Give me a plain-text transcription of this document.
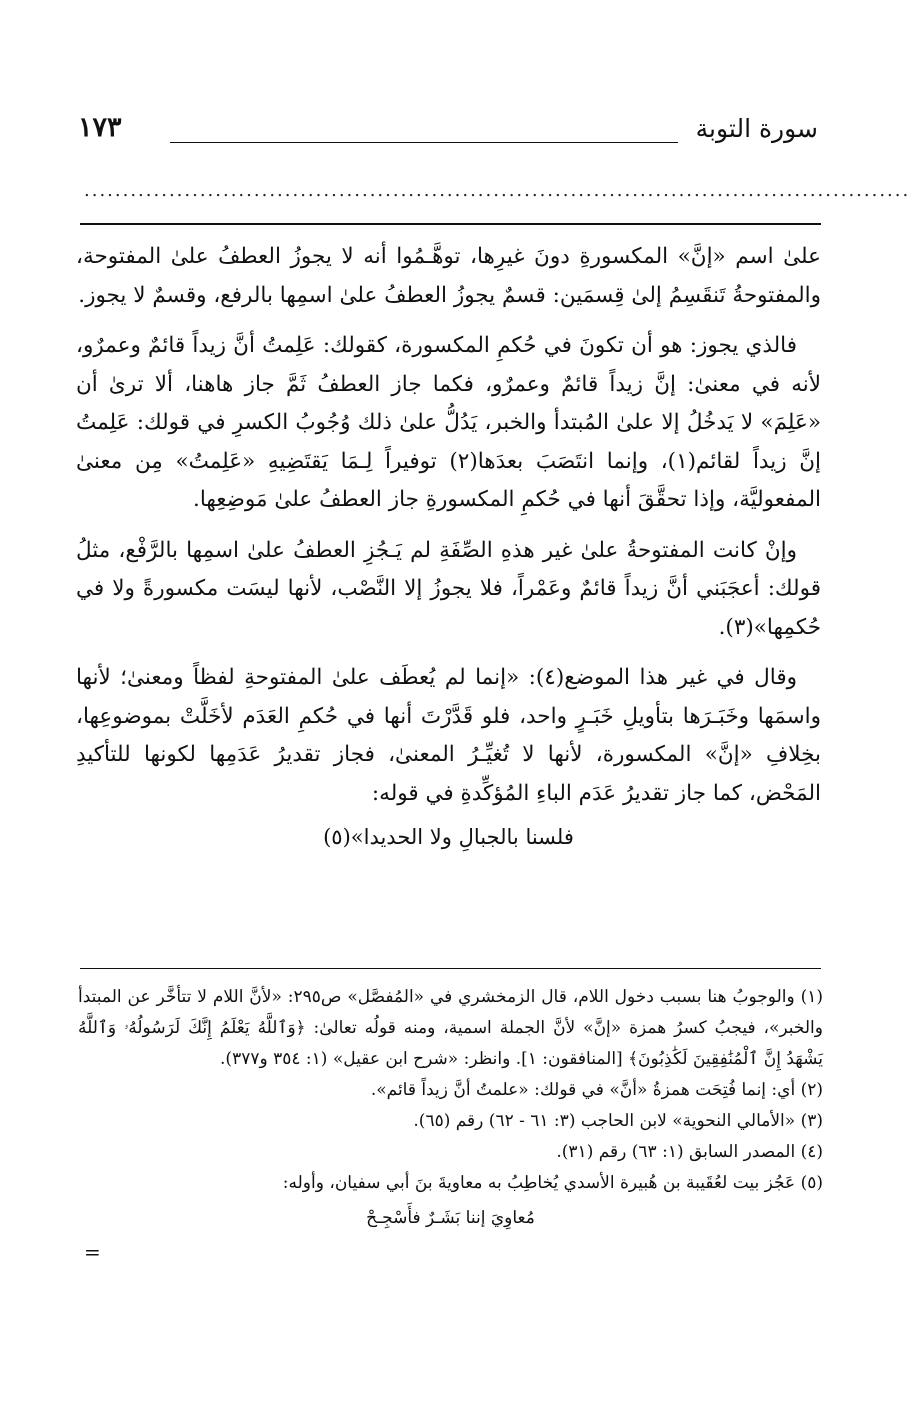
سورة التوبة
١٧٣
...........................................................................................................

علىٰ اسم «إنَّ» المكسورةِ دونَ غيرِها، توهَّـمُوا أنه لا يجوزُ العطفُ علىٰ المفتوحة، والمفتوحةُ تَنقَسِمُ إلىٰ قِسمَين: قسمٌ يجوزُ العطفُ علىٰ اسمِها بالرفع، وقسمٌ لا يجوز.

فالذي يجوز: هو أن تكونَ في حُكمِ المكسورة، كقولك: عَلِمتُ أنَّ زيداً قائمٌ وعمرٌو، لأنه في معنىٰ: إنَّ زيداً قائمٌ وعمرٌو، فكما جاز العطفُ ثَمَّ جاز هاهنا، ألا ترىٰ أن «عَلِمَ» لا يَدخُلُ إلا علىٰ المُبتدأ والخبر، يَدُلُّ علىٰ ذلك وُجُوبُ الكسرِ في قولك: عَلِمتُ إنَّ زيداً لقائم(١)، وإنما انتَصَبَ بعدَها(٢) توفيراً لِـمَا يَقتَضِيهِ «عَلِمتُ» مِن معنىٰ المفعوليَّة، وإذا تحقَّقَ أنها في حُكمِ المكسورةِ جاز العطفُ علىٰ مَوضِعِها.

وإنْ كانت المفتوحةُ علىٰ غير هذهِ الصِّفَةِ لم يَـجُزِ العطفُ علىٰ اسمِها بالرَّفْع، مثلُ قولك: أعجَبَني أنَّ زيداً قائمٌ وعَمْراً، فلا يجوزُ إلا النَّصْب، لأنها ليسَت مكسورةً ولا في حُكمِها»(٣).

وقال في غير هذا الموضع(٤): «إنما لم يُعطَف علىٰ المفتوحةِ لفظاً ومعنىٰ؛ لأنها واسمَها وخَبَـرَها بتأويلِ خَبَـرٍ واحد، فلو قَدَّرْتَ أنها في حُكمِ العَدَم لأخَلَّتْ بموضوعِها، بخِلافِ «إنَّ» المكسورة، لأنها لا تُغيِّـرُ المعنىٰ، فجاز تقديرُ عَدَمِها لكونها للتأكيدِ المَحْض، كما جاز تقديرُ عَدَم الباءِ المُؤكِّدةِ في قوله:

فلسنا بالجبالِ ولا الحديدا»(٥)

(١) والوجوبُ هنا بسبب دخول اللام، قال الزمخشري في «المُفصَّل» ص٢٩٥: «لأنَّ اللام لا تتأخَّر عن المبتدأ والخبر»، فيجبُ كسرُ همزة «إنَّ» لأنَّ الجملة اسمية، ومنه قولُه تعالىٰ: ﴿وَٱللَّهُ يَعْلَمُ إِنَّكَ لَرَسُولُهُۥ وَٱللَّهُ يَشْهَدُ إِنَّ ٱلْمُنَٰفِقِينَ لَكَٰذِبُونَ﴾ [المنافقون: ١]. وانظر: «شرح ابن عقيل» (١: ٣٥٤ و٣٧٧).

(٢) أي: إنما فُتِحَت همزةُ «أنَّ» في قولك: «علمتُ أنَّ زيداً قائم».

(٣) «الأمالي النحوية» لابن الحاجب (٣: ٦١ - ٦٢) رقم (٦٥).

(٤) المصدر السابق (١: ٦٣) رقم (٣١).

(٥) عَجُز بيت لعُقَيبة بن هُبيرة الأسدي يُخاطِبُ به معاويةَ بنَ أبي سفيان، وأوله:

مُعاوِيَ إننا بَشَـرٌ فأَسْجِـحْ
=
